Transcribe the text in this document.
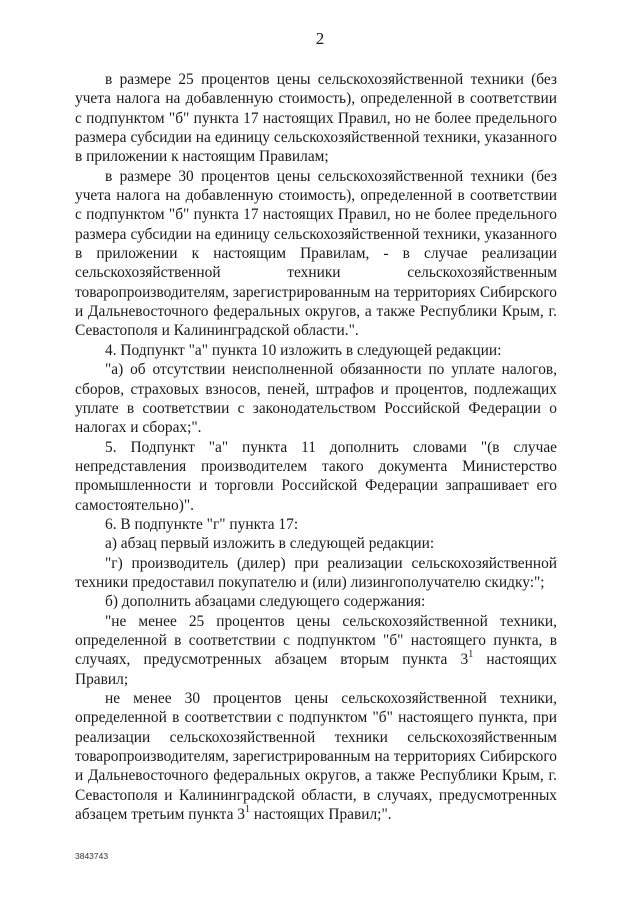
2

в размере 25 процентов цены сельскохозяйственной техники (без учета налога на добавленную стоимость), определенной в соответствии с подпунктом "б" пункта 17 настоящих Правил, но не более предельного размера субсидии на единицу сельскохозяйственной техники, указанного в приложении к настоящим Правилам;

в размере 30 процентов цены сельскохозяйственной техники (без учета налога на добавленную стоимость), определенной в соответствии с подпунктом "б" пункта 17 настоящих Правил, но не более предельного размера субсидии на единицу сельскохозяйственной техники, указанного в приложении к настоящим Правилам, - в случае реализации сельскохозяйственной техники сельскохозяйственным товаропроизводителям, зарегистрированным на территориях Сибирского и Дальневосточного федеральных округов, а также Республики Крым, г. Севастополя и Калининградской области.".

4. Подпункт "а" пункта 10 изложить в следующей редакции:

"а) об отсутствии неисполненной обязанности по уплате налогов, сборов, страховых взносов, пеней, штрафов и процентов, подлежащих уплате в соответствии с законодательством Российской Федерации о налогах и сборах;".

5. Подпункт "а" пункта 11 дополнить словами "(в случае непредставления производителем такого документа Министерство промышленности и торговли Российской Федерации запрашивает его самостоятельно)".

6. В подпункте "г" пункта 17:

а) абзац первый изложить в следующей редакции:

"г) производитель (дилер) при реализации сельскохозяйственной техники предоставил покупателю и (или) лизингополучателю скидку:";

б) дополнить абзацами следующего содержания:

"не менее 25 процентов цены сельскохозяйственной техники, определенной в соответствии с подпунктом "б" настоящего пункта, в случаях, предусмотренных абзацем вторым пункта $3^1$ настоящих Правил;

не менее 30 процентов цены сельскохозяйственной техники, определенной в соответствии с подпунктом "б" настоящего пункта, при реализации сельскохозяйственной техники сельскохозяйственным товаропроизводителям, зарегистрированным на территориях Сибирского и Дальневосточного федеральных округов, а также Республики Крым, г. Севастополя и Калининградской области, в случаях, предусмотренных абзацем третьим пункта $3^1$ настоящих Правил;".

3843743
